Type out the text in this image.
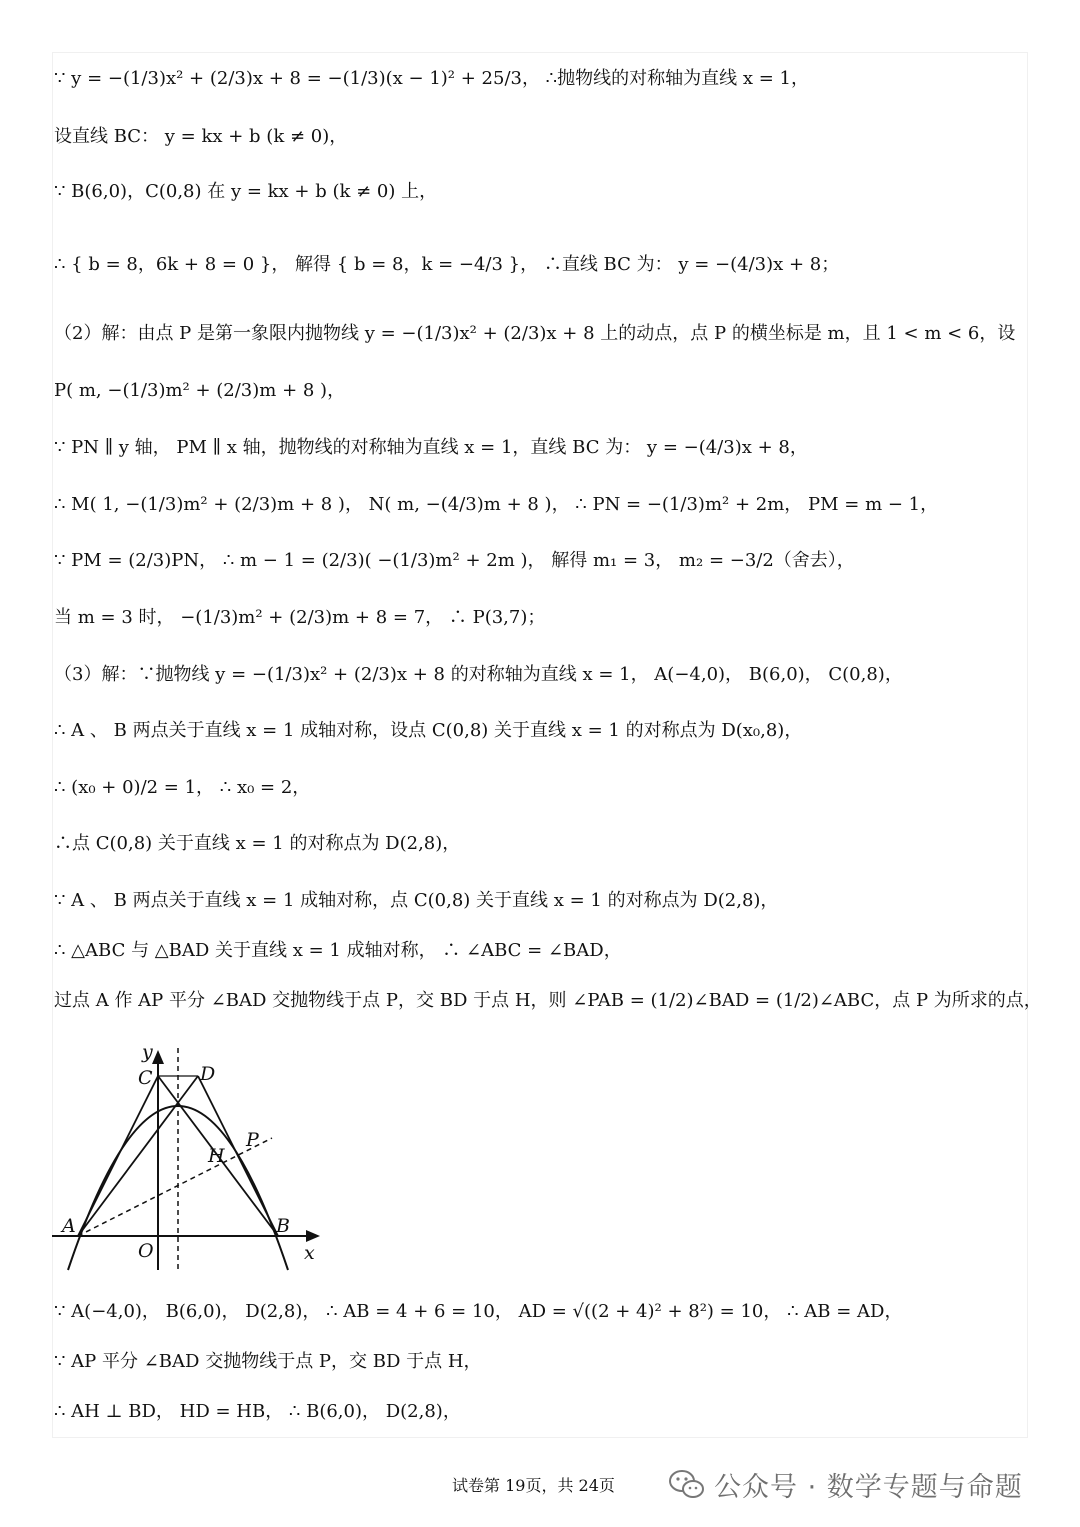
∵ y = −(1/3)x² + (2/3)x + 8 = −(1/3)(x − 1)² + 25/3， ∴抛物线的对称轴为直线 x = 1，
设直线 BC： y = kx + b (k ≠ 0)，
∵ B(6,0)，C(0,8) 在 y = kx + b (k ≠ 0) 上，
∴ { b = 8，6k + 8 = 0 }， 解得 { b = 8，k = −4/3 }， ∴直线 BC 为： y = −(4/3)x + 8；
（2）解：由点 P 是第一象限内抛物线 y = −(1/3)x² + (2/3)x + 8 上的动点，点 P 的横坐标是 m，且 1 < m < 6，设
P( m, −(1/3)m² + (2/3)m + 8 )，
∵ PN ∥ y 轴， PM ∥ x 轴，抛物线的对称轴为直线 x = 1，直线 BC 为： y = −(4/3)x + 8，
∴ M( 1, −(1/3)m² + (2/3)m + 8 )， N( m, −(4/3)m + 8 )， ∴ PN = −(1/3)m² + 2m， PM = m − 1，
∵ PM = (2/3)PN， ∴ m − 1 = (2/3)( −(1/3)m² + 2m )， 解得 m₁ = 3， m₂ = −3/2（舍去），
当 m = 3 时， −(1/3)m² + (2/3)m + 8 = 7， ∴ P(3,7)；
（3）解：∵抛物线 y = −(1/3)x² + (2/3)x + 8 的对称轴为直线 x = 1， A(−4,0)， B(6,0)， C(0,8)，
∴ A 、 B 两点关于直线 x = 1 成轴对称，设点 C(0,8) 关于直线 x = 1 的对称点为 D(x₀,8)，
∴ (x₀ + 0)/2 = 1， ∴ x₀ = 2，
∴点 C(0,8) 关于直线 x = 1 的对称点为 D(2,8)，
∵ A 、 B 两点关于直线 x = 1 成轴对称，点 C(0,8) 关于直线 x = 1 的对称点为 D(2,8)，
∴ △ABC 与 △BAD 关于直线 x = 1 成轴对称， ∴ ∠ABC = ∠BAD，
过点 A 作 AP 平分 ∠BAD 交抛物线于点 P，交 BD 于点 H，则 ∠PAB = (1/2)∠BAD = (1/2)∠ABC，点 P 为所求的点，
∵ A(−4,0)， B(6,0)， D(2,8)， ∴ AB = 4 + 6 = 10， AD = √((2 + 4)² + 8²) = 10， ∴ AB = AD，
∵ AP 平分 ∠BAD 交抛物线于点 P，交 BD 于点 H，
∴ AH ⊥ BD， HD = HB， ∴ B(6,0)， D(2,8)，
y
x
C D
P
H
A	B
O
试卷第 19页，共 24页	公众号 · 数学专题与命题
